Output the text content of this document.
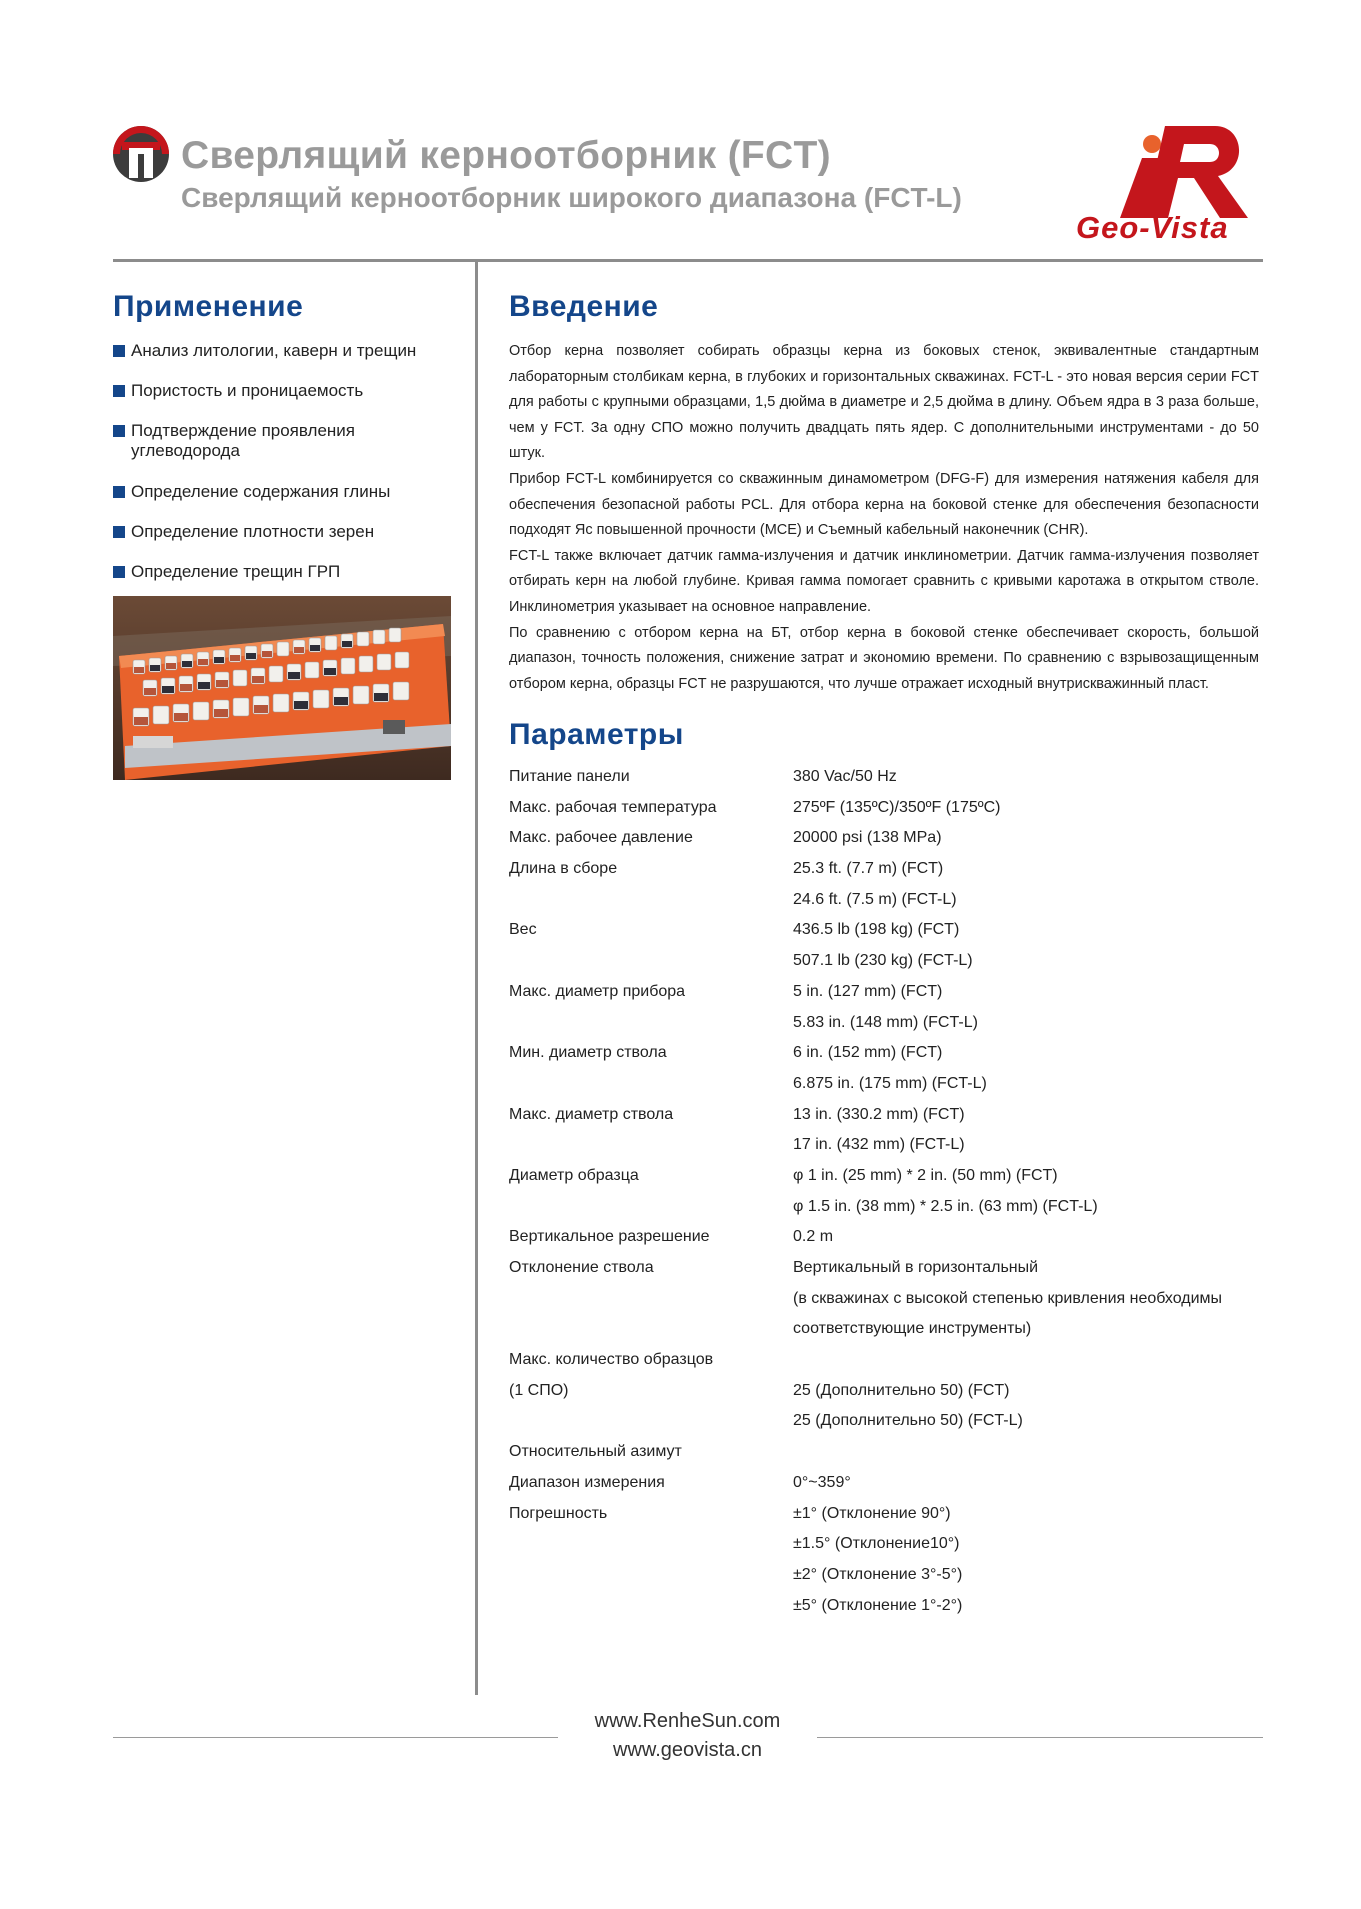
Сверлящий керноотборник (FCT)
Сверлящий керноотборник широкого диапазона (FCT-L)
Geo-Vista
Применение
Анализ литологии, каверн и трещин
Пористость и проницаемость
Подтверждение проявления углеводорода
Определение содержания глины
Определение плотности зерен
Определение трещин ГРП
Введение

Отбор керна позволяет собирать образцы керна из боковых стенок, эквивалентные стандартным лабораторным столбикам керна, в глубоких и горизонтальных скважинах. FCT-L - это новая версия серии FCT для работы с крупными образцами, 1,5 дюйма в диаметре и 2,5 дюйма в длину. Объем ядра в 3 раза больше, чем у FCT. За одну СПО можно получить двадцать пять ядер. С дополнительными инструментами - до 50 штук.

Прибор FCT-L комбинируется со скважинным динамометром (DFG-F) для измерения натяжения кабеля для обеспечения безопасной работы PCL. Для отбора керна на боковой стенке для обеспечения безопасности подходят Яс повышенной прочности (MCE) и Съемный кабельный наконечник (CHR).

FCT-L также включает датчик гамма-излучения и датчик инклинометрии. Датчик гамма-излучения позволяет отбирать керн на любой глубине. Кривая гамма помогает сравнить с кривыми каротажа в открытом стволе. Инклинометрия указывает на основное направление.

По сравнению с отбором керна на БТ, отбор керна в боковой стенке обеспечивает скорость, большой диапазон, точность положения, снижение затрат и экономию времени. По сравнению с взрывозащищенным отбором керна, образцы FCT не разрушаются, что лучше отражает исходный внутрискважинный пласт.

Параметры
Питание панели	380 Vac/50 Hz
Макс. рабочая температура	275ºF (135ºC)/350ºF (175ºC)
Макс. рабочее давление	20000 psi (138 MPa)
Длина в сборе	25.3 ft. (7.7 m) (FCT)
24.6 ft. (7.5 m) (FCT-L)
Вес	436.5 lb (198 kg) (FCT)
507.1 lb (230 kg) (FCT-L)
Макс. диаметр прибора	5 in. (127 mm) (FCT)
5.83 in. (148 mm) (FCT-L)
Мин. диаметр ствола	6 in. (152 mm) (FCT)
6.875 in. (175 mm) (FCT-L)
Макс. диаметр ствола	13 in. (330.2 mm) (FCT)
17 in. (432 mm) (FCT-L)
Диаметр образца	φ 1 in. (25 mm) * 2 in. (50 mm) (FCT)
φ 1.5 in. (38 mm) * 2.5 in. (63 mm) (FCT-L)
Вертикальное разрешение	0.2 m
Отклонение ствола	Вертикальный в горизонтальный
(в скважинах с высокой степенью кривления необходимы
соответствующие инструменты)
Макс. количество образцов
(1 СПО)	25 (Дополнительно 50) (FCT)
25 (Дополнительно 50) (FCT-L)
Относительный азимут
Диапазон измерения	0°~359°
Погрешность	±1° (Отклонение 90°)
±1.5° (Отклонение10°)
±2° (Отклонение 3°-5°)
±5° (Отклонение 1°-2°)
www.RenheSun.com
www.geovista.cn
